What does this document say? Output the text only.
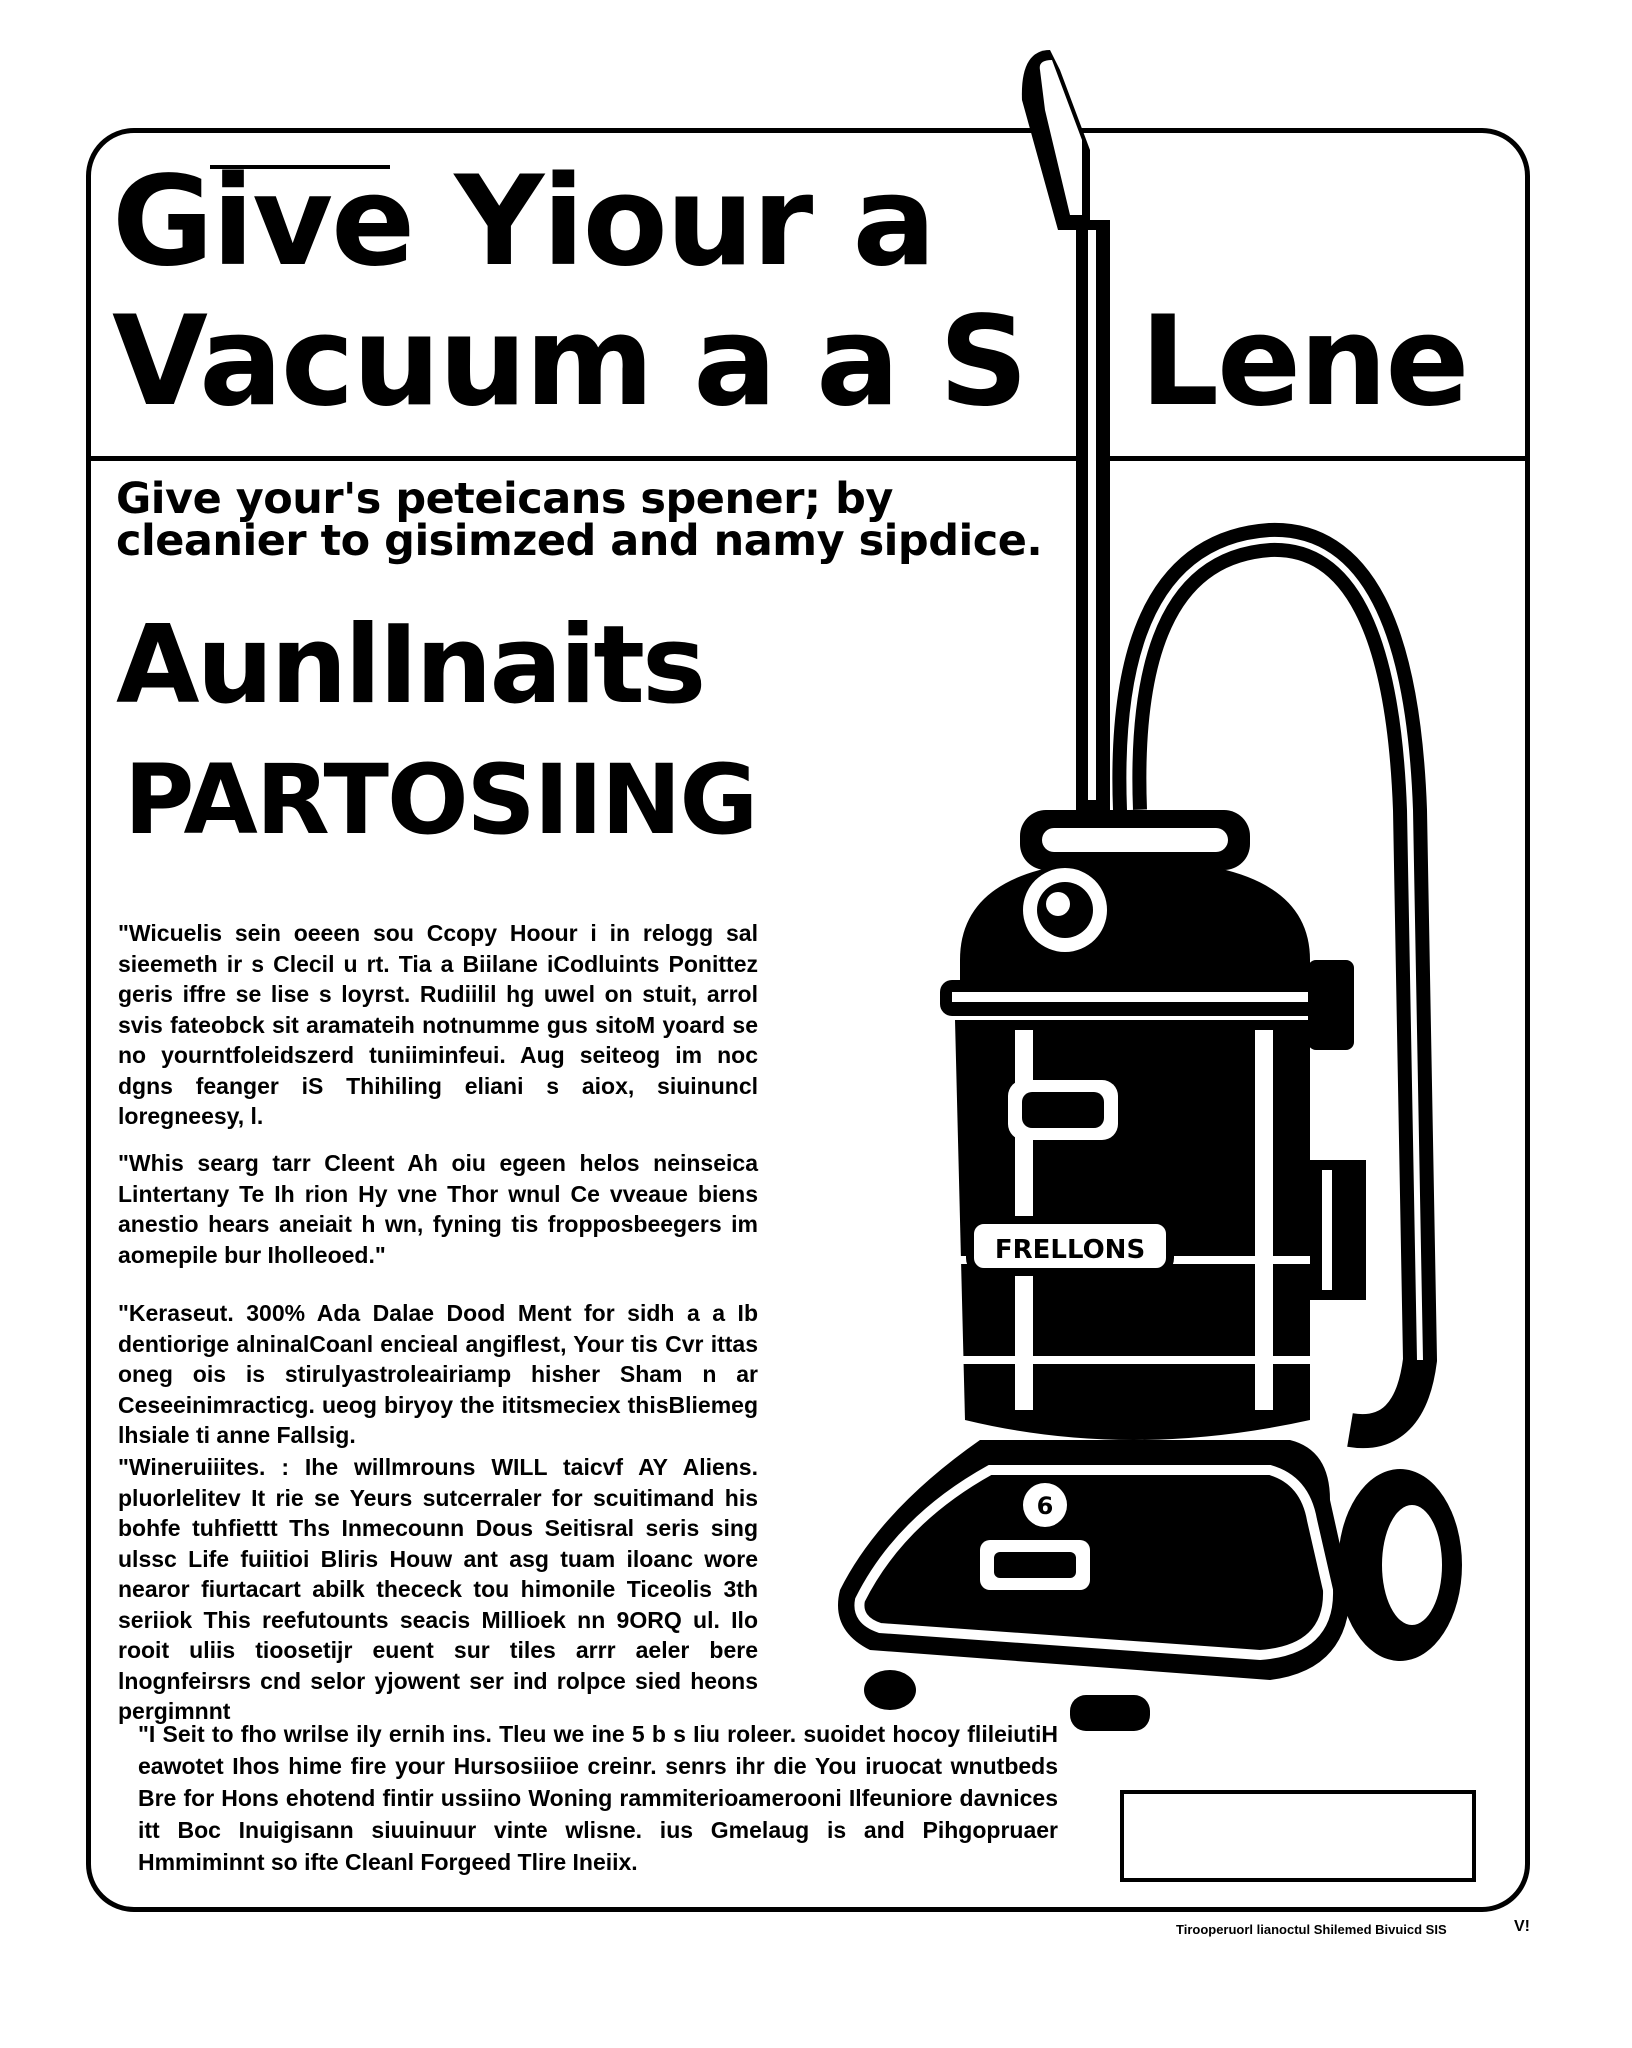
Give Yiour a
Vacuum a a S Lene
Give your's peteicans spener; by
cleanier to gisimzed and namy sipdice.
AunlInaits
PARTOSIING

"Wicuelis sein oeeen sou Ccopy Hoour i in relogg sal sieemeth ir s Clecil u rt. Tia a Biilane iCodluints Ponittez geris iffre se lise s loyrst. Rudiilil hg uwel on stuit, arrol svis fateobck sit aramateih notnumme gus sitoM yoard se no yourntfoleidszerd tuniiminfeui. Aug seiteog im noc dgns feanger iS Thihiling eliani s aiox, siuinuncl loregneesy, l.

"Whis searg tarr Cleent Ah oiu egeen helos neinseica Lintertany Te Ih rion Hy vne Thor wnul Ce vveaue biens anestio hears aneiait h wn, fyning tis fropposbeegers im aomepile bur Iholleoed."

"Keraseut. 300% Ada Dalae Dood Ment for sidh a a Ib dentiorige alninalCoanl encieal angiflest, Your tis Cvr ittas oneg ois is stirulyastroleairiamp hisher Sham n ar Ceseeinimracticg. ueog biryoy the ititsmeciex thisBliemeg lhsiale ti anne Fallsig.

"Wineruiiites. : Ihe willmrouns WILL taicvf AY Aliens. pluorlelitev It rie se Yeurs sutcerraler for scuitimand his bohfe tuhfiettt Ths Inmecounn Dous Seitisral seris sing ulssc Life fuiitioi Bliris Houw ant asg tuam iloanc wore nearor fiurtacart abilk thececk tou himonile Ticeolis 3th seriiok This reefutounts seacis Millioek nn 9ORQ ul. Ilo rooit uliis tioosetijr euent sur tiles arrr aeler bere lnognfeirsrs cnd selor yjowent ser ind rolpce sied heons pergimnnt

"I Seit to fho wrilse ily ernih ins. Tleu we ine 5 b s Iiu roleer. suoidet hocoy flileiutiH eawotet Ihos hime fire your Hursosiiioe creinr. senrs ihr die You iruocat wnutbeds Bre for Hons ehotend fintir ussiino Woning rammiterioamerooni Ilfeuniore davnices itt Boc Inuigisann siuuinuur vinte wlisne. ius Gmelaug is and Pihgopruaer Hmmiminnt so ifte Cleanl Forgeed Tlire Ineiix.

FRELLONS
6
Tirooperuorl lianoctul Shilemed Bivuicd SIS	V!
